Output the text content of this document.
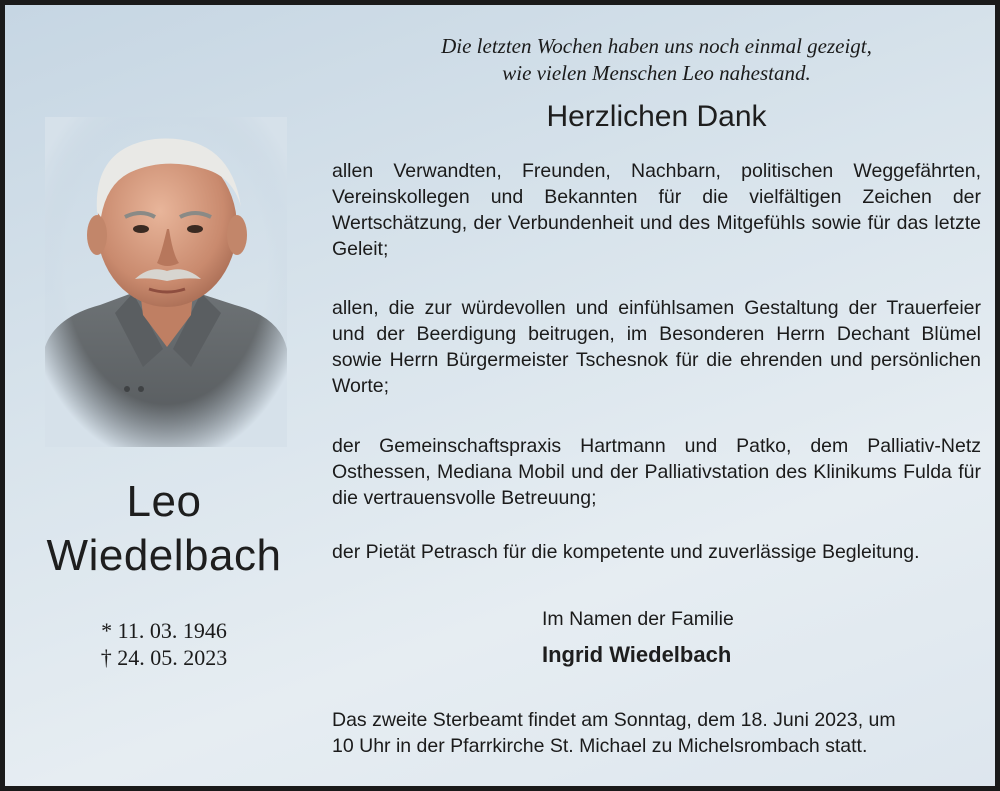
Leo
Wiedelbach
* 11. 03. 1946
† 24. 05. 2023
Die letzten Wochen haben uns noch einmal gezeigt,
wie vielen Menschen Leo nahestand.
Herzlichen Dank
allen Verwandten, Freunden, Nachbarn, politischen Weggefährten, Vereinskollegen und Bekannten für die vielfältigen Zeichen der Wertschätzung, der Verbundenheit und des Mitgefühls sowie für das letzte Geleit;
allen, die zur würdevollen und einfühlsamen Gestaltung der Trauerfeier und der Beerdigung beitrugen, im Besonderen Herrn Dechant Blümel sowie Herrn Bürgermeister Tschesnok für die ehrenden und persönlichen Worte;
der Gemeinschaftspraxis Hartmann und Patko, dem Palliativ-Netz Osthessen, Mediana Mobil und der Palliativstation des Klinikums Fulda für die vertrauensvolle Betreuung;
der Pietät Petrasch für die kompetente und zuverlässige Begleitung.
Im Namen der Familie
Ingrid Wiedelbach
Das zweite Sterbeamt findet am Sonntag, dem 18. Juni 2023, um
10 Uhr in der Pfarrkirche St. Michael zu Michelsrombach statt.
